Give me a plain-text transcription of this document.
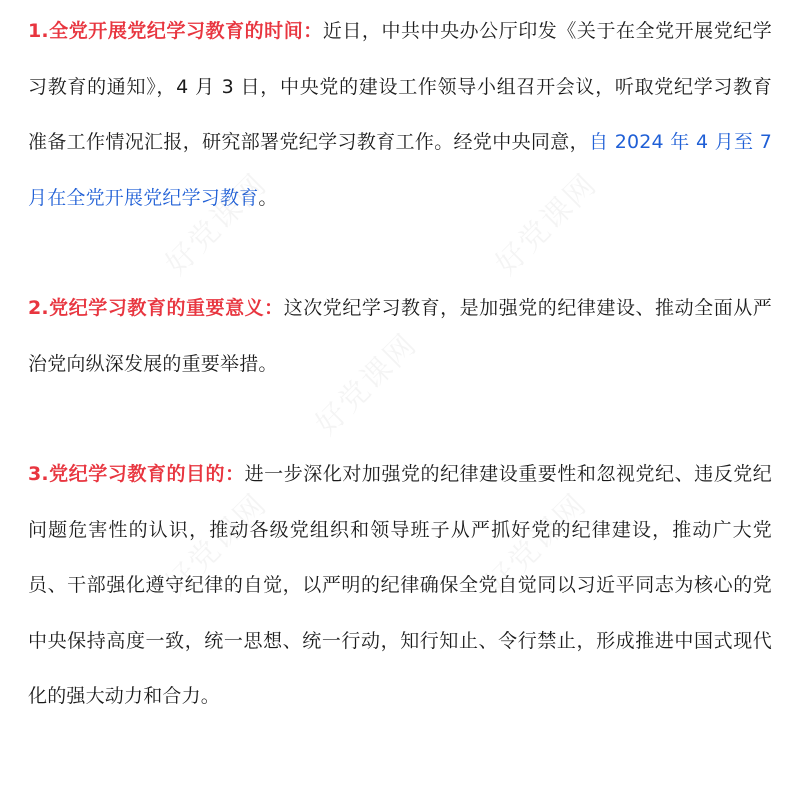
1.全党开展党纪学习教育的时间：近日，中共中央办公厅印发《关于在全党开展党纪学习教育的通知》，4 月 3 日，中央党的建设工作领导小组召开会议，听取党纪学习教育准备工作情况汇报，研究部署党纪学习教育工作。经党中央同意，自 2024 年 4 月至 7 月在全党开展党纪学习教育。

2.党纪学习教育的重要意义：这次党纪学习教育，是加强党的纪律建设、推动全面从严治党向纵深发展的重要举措。

3.党纪学习教育的目的：进一步深化对加强党的纪律建设重要性和忽视党纪、违反党纪问题危害性的认识，推动各级党组织和领导班子从严抓好党的纪律建设，推动广大党员、干部强化遵守纪律的自觉，以严明的纪律确保全党自觉同以习近平同志为核心的党中央保持高度一致，统一思想、统一行动，知行知止、令行禁止，形成推进中国式现代化的强大动力和合力。
